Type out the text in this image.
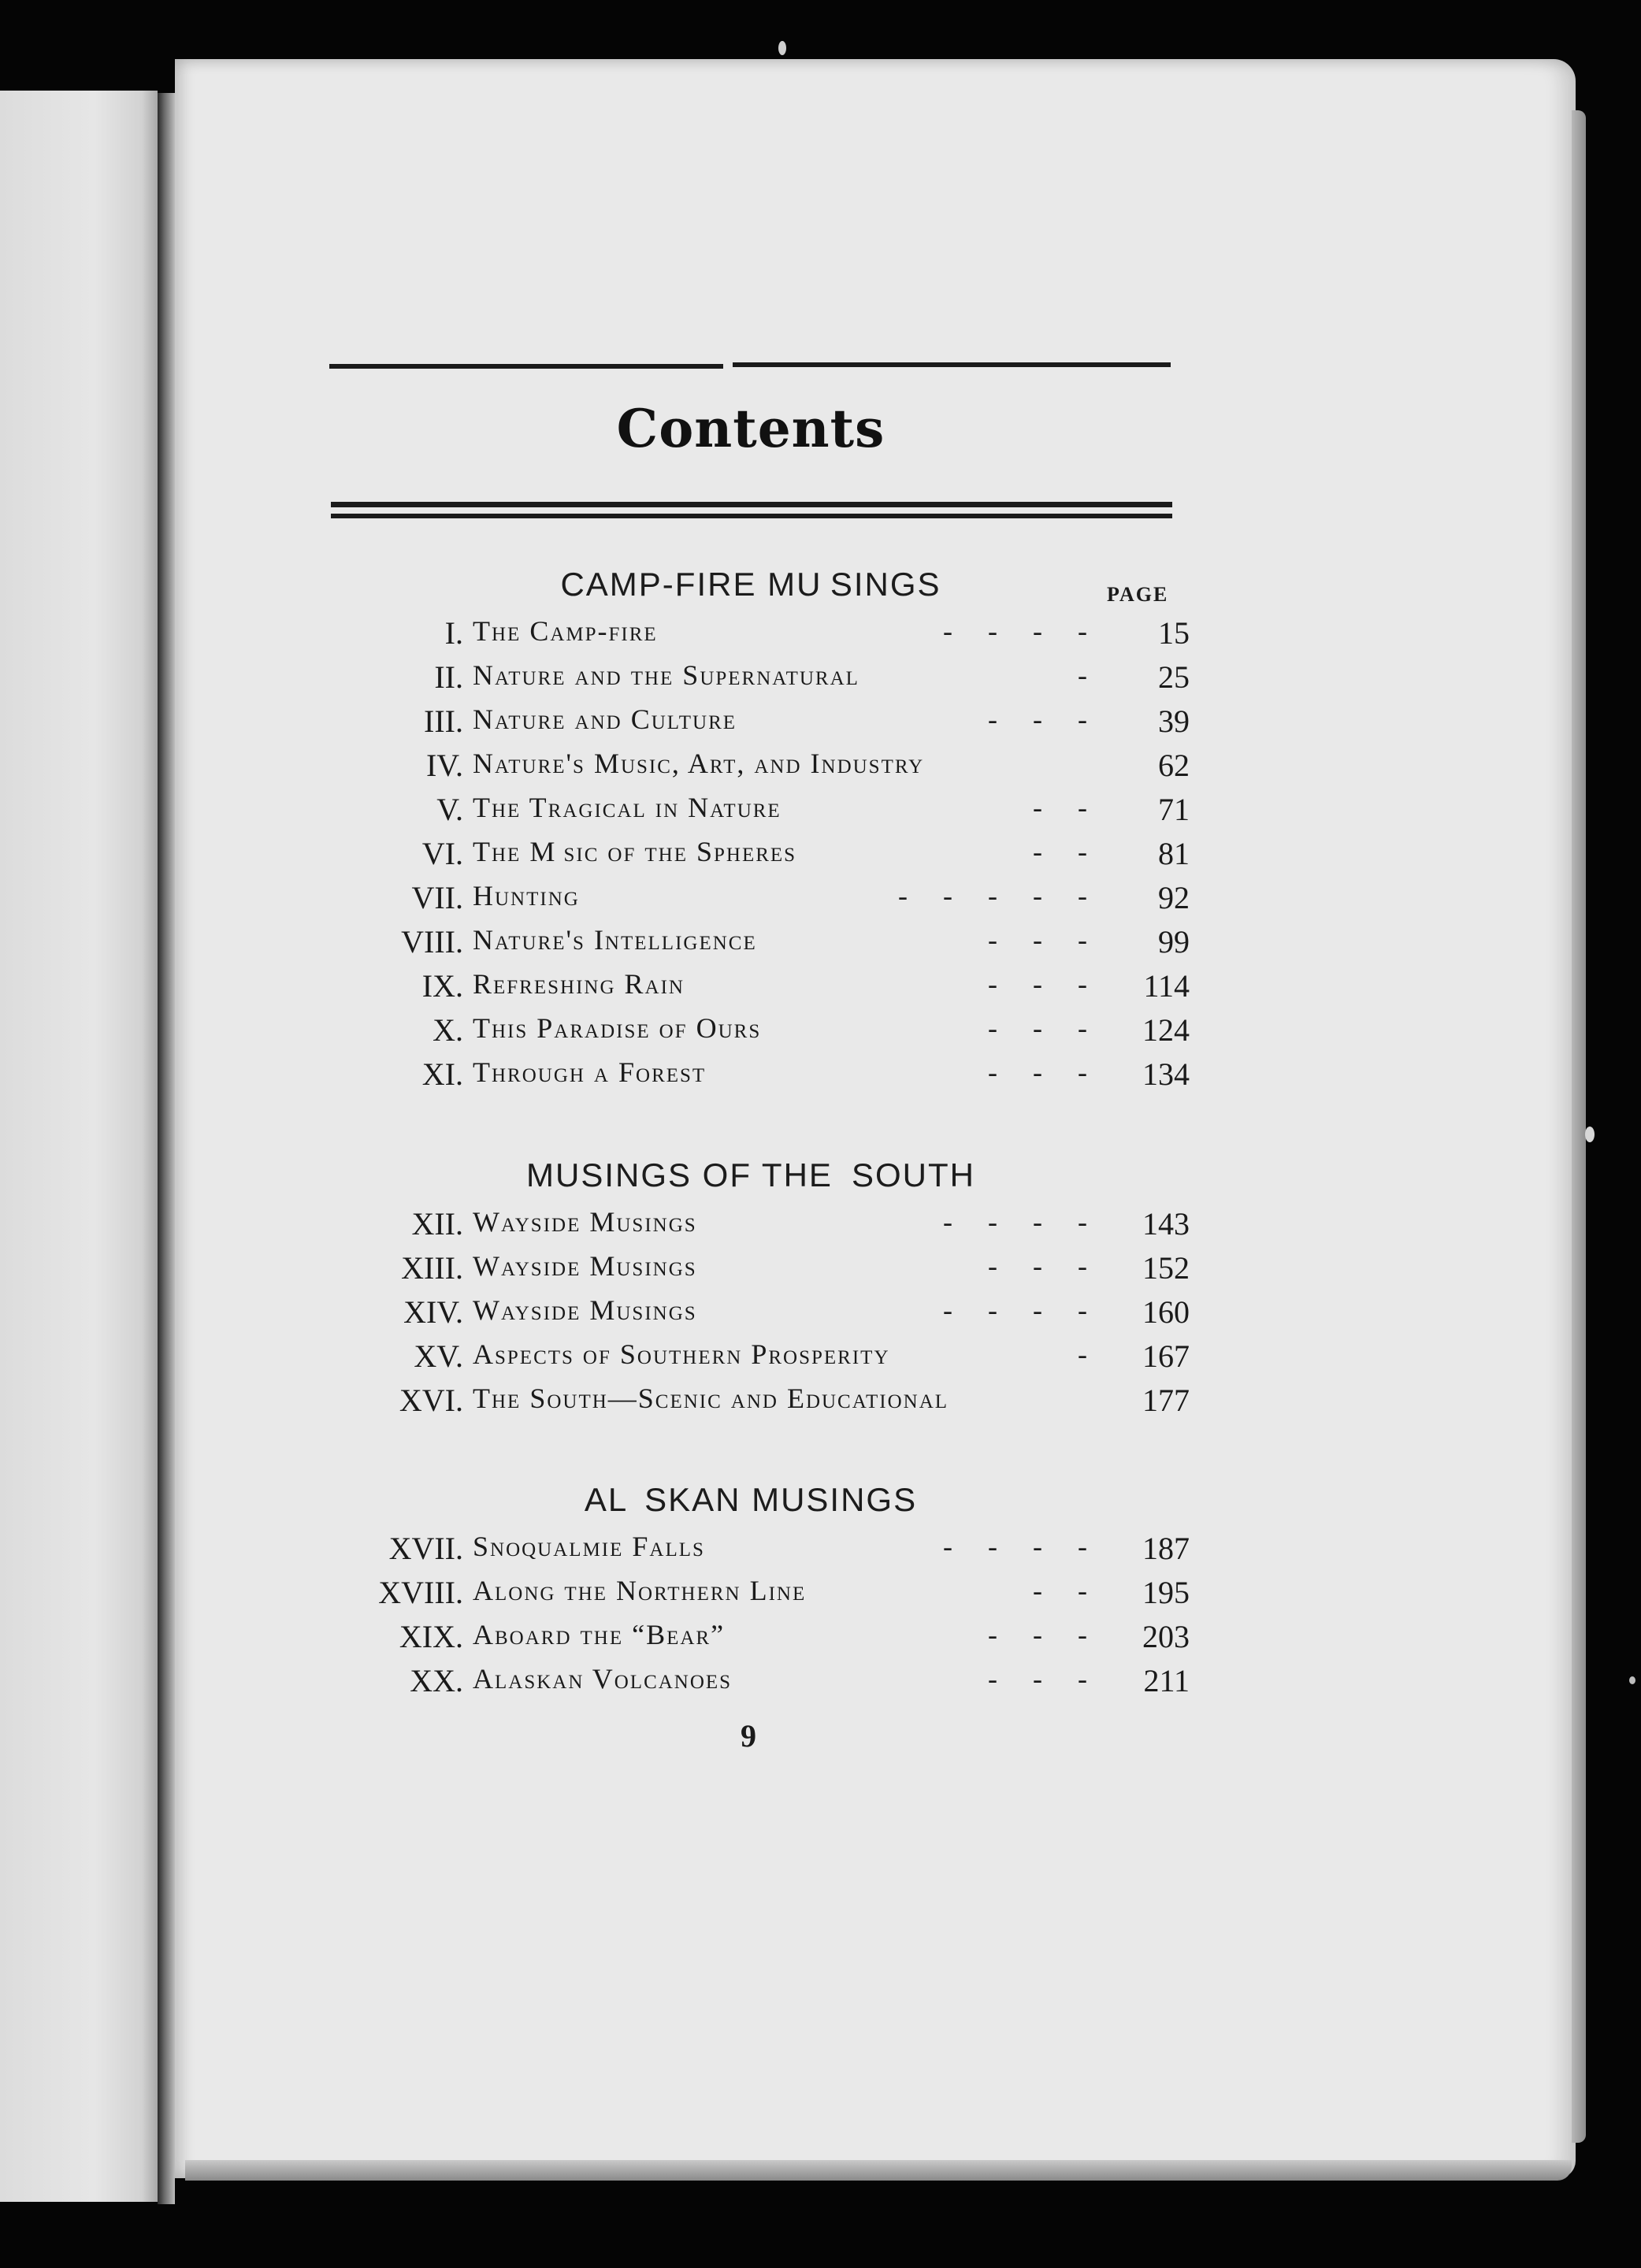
Contents
PAGE
CAMP-FIRE MU SINGS
I. The Camp-fire	-     -     -     -	15
II. Nature and the Supernatural	-	25
III. Nature and Culture	-     -     -	39
IV. Nature's Music, Art, and Industry	62
V. The Tragical in Nature	-     -	71
VI. The M sic of the Spheres	-     -	81
VII. Hunting	-     -     -     -     -	92
VIII. Nature's Intelligence	-     -     -	99
IX. Refreshing Rain	-     -     -	114
X. This Paradise of Ours	-     -     -	124
XI. Through a Forest	-     -     -	134
MUSINGS OF THE  SOUTH
XII. Wayside Musings	-     -     -     -	143
XIII. Wayside Musings	-     -     -	152
XIV. Wayside Musings	-     -     -     -	160
XV. Aspects of Southern Prosperity	-	167
XVI. The South—Scenic and Educational	177
AL  SKAN MUSINGS
XVII. Snoqualmie Falls	-     -     -     -	187
XVIII. Along the Northern Line	-     -	195
XIX. Aboard the “Bear”	-     -     -	203
XX. Alaskan Volcanoes	-     -     -	211
9
